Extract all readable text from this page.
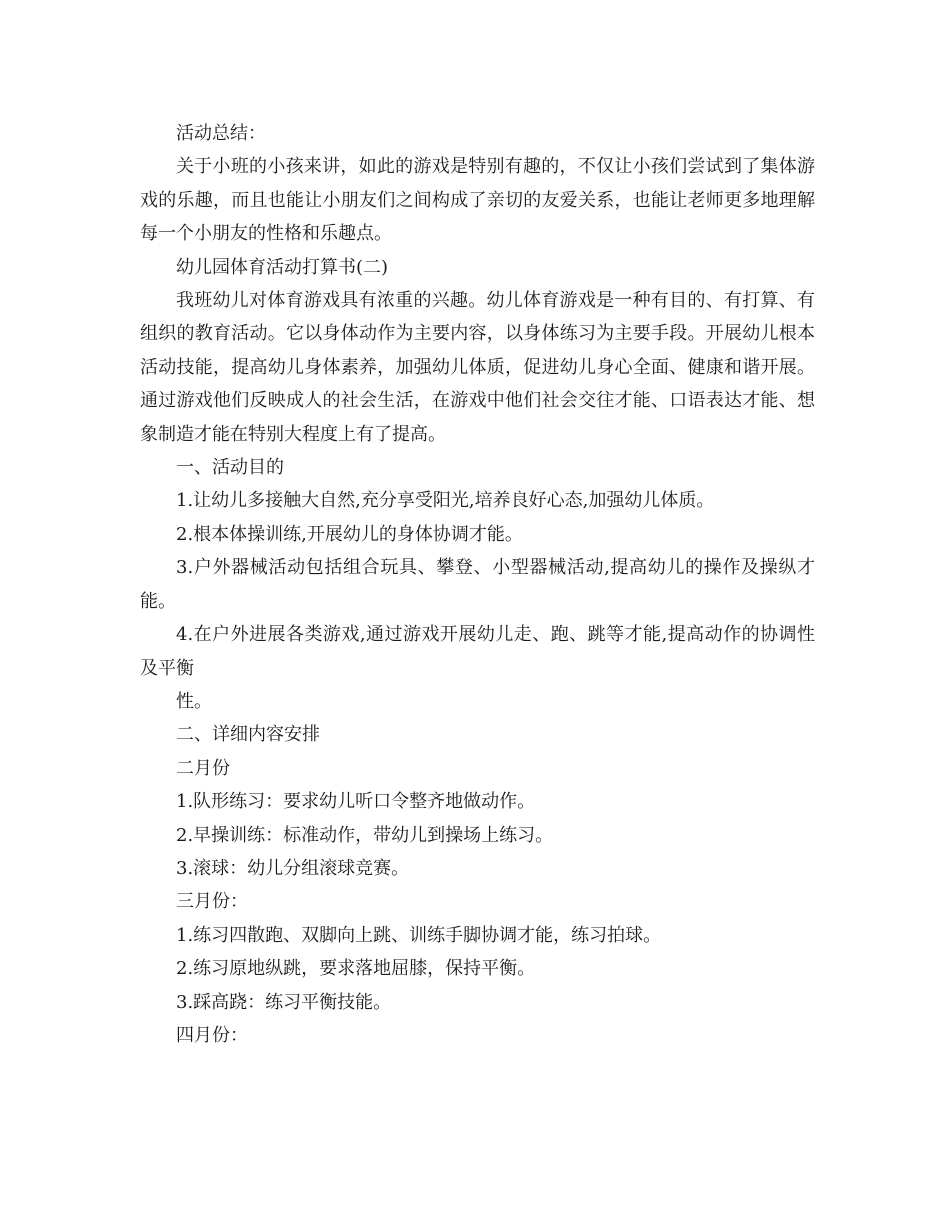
活动总结：

关于小班的小孩来讲，如此的游戏是特别有趣的，不仅让小孩们尝试到了集体游戏的乐趣，而且也能让小朋友们之间构成了亲切的友爱关系，也能让老师更多地理解每一个小朋友的性格和乐趣点。

幼儿园体育活动打算书(二)

我班幼儿对体育游戏具有浓重的兴趣。幼儿体育游戏是一种有目的、有打算、有组织的教育活动。它以身体动作为主要内容，以身体练习为主要手段。开展幼儿根本活动技能，提高幼儿身体素养，加强幼儿体质，促进幼儿身心全面、健康和谐开展。通过游戏他们反映成人的社会生活，在游戏中他们社会交往才能、口语表达才能、想象制造才能在特别大程度上有了提高。

一、活动目的

1.让幼儿多接触大自然,充分享受阳光,培养良好心态,加强幼儿体质。

2.根本体操训练,开展幼儿的身体协调才能。

3.户外器械活动包括组合玩具、攀登、小型器械活动,提高幼儿的操作及操纵才能。

4.在户外进展各类游戏,通过游戏开展幼儿走、跑、跳等才能,提高动作的协调性及平衡

性。

二、详细内容安排

二月份

1.队形练习：要求幼儿听口令整齐地做动作。

2.早操训练：标准动作，带幼儿到操场上练习。

3.滚球：幼儿分组滚球竞赛。

三月份：

1.练习四散跑、双脚向上跳、训练手脚协调才能，练习拍球。

2.练习原地纵跳，要求落地屈膝，保持平衡。

3.踩高跷：练习平衡技能。

四月份：
